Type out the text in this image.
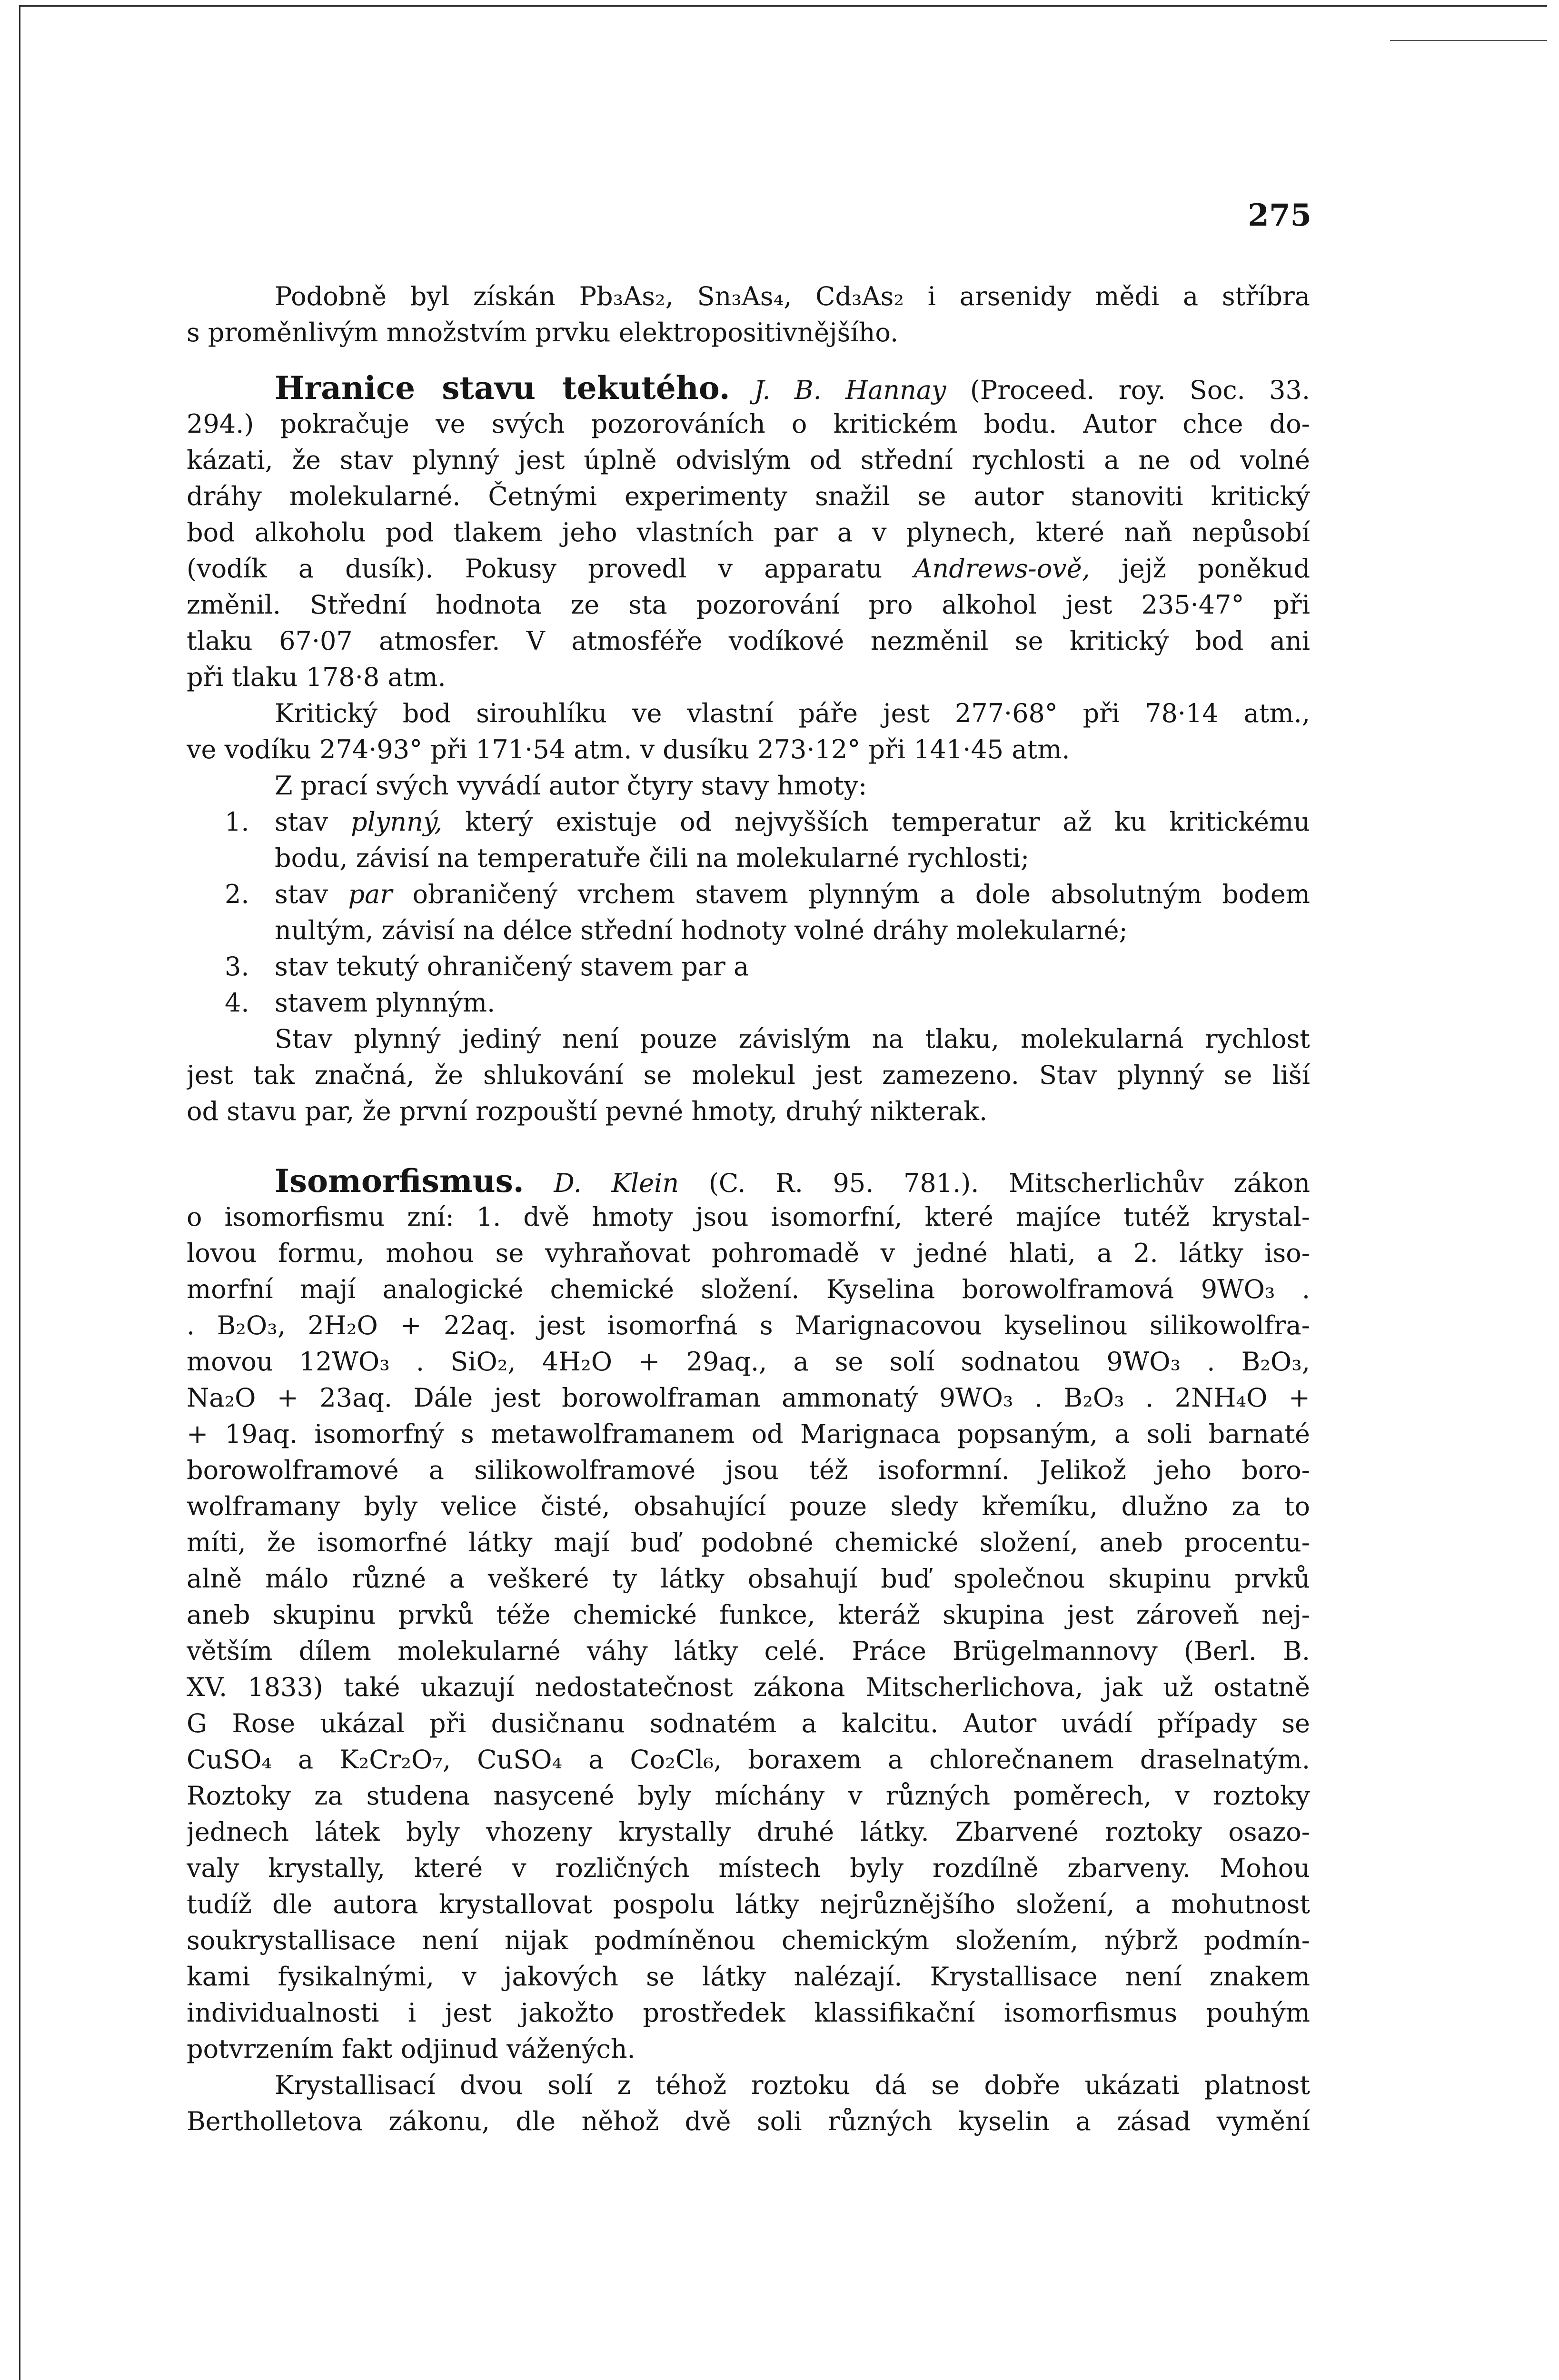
275
Podobně byl získán Pb₃As₂, Sn₃As₄, Cd₃As₂ i arsenidy mědi a stříbra
s proměnlivým množstvím prvku elektropositivnějšího.
Hranice stavu tekutého. J. B. Hannay (Proceed. roy. Soc. 33.
294.) pokračuje ve svých pozorováních o kritickém bodu. Autor chce do-
kázati, že stav plynný jest úplně odvislým od střední rychlosti a ne od volné
dráhy molekularné. Četnými experimenty snažil se autor stanoviti kritický
bod alkoholu pod tlakem jeho vlastních par a v plynech, které naň nepůsobí
(vodík a dusík). Pokusy provedl v apparatu Andrews-ově, jejž poněkud
změnil. Střední hodnota ze sta pozorování pro alkohol jest 235·47° při
tlaku 67·07 atmosfer. V atmosféře vodíkové nezměnil se kritický bod ani
při tlaku 178·8 atm.
Kritický bod sirouhlíku ve vlastní páře jest 277·68° při 78·14 atm.,
ve vodíku 274·93° při 171·54 atm. v dusíku 273·12° při 141·45 atm.
Z prací svých vyvádí autor čtyry stavy hmoty:
1. stav plynný, který existuje od nejvyšších temperatur až ku kritickému
bodu, závisí na temperatuře čili na molekularné rychlosti;
2. stav par obraničený vrchem stavem plynným a dole absolutným bodem
nultým, závisí na délce střední hodnoty volné dráhy molekularné;
3. stav tekutý ohraničený stavem par a
4. stavem plynným.
Stav plynný jediný není pouze závislým na tlaku, molekularná rychlost
jest tak značná, že shlukování se molekul jest zamezeno. Stav plynný se liší
od stavu par, že první rozpouští pevné hmoty, druhý nikterak.
Isomorfismus. D. Klein (C. R. 95. 781.). Mitscherlichův zákon
o isomorfismu zní: 1. dvě hmoty jsou isomorfní, které majíce tutéž krystal-
lovou formu, mohou se vyhraňovat pohromadě v jedné hlati, a 2. látky iso-
morfní mají analogické chemické složení. Kyselina borowolframová 9WO₃ .
. B₂O₃, 2H₂O + 22aq. jest isomorfná s Marignacovou kyselinou silikowolfra-
movou 12WO₃ . SiO₂, 4H₂O + 29aq., a se solí sodnatou 9WO₃ . B₂O₃,
Na₂O + 23aq. Dále jest borowolframan ammonatý 9WO₃ . B₂O₃ . 2NH₄O +
+ 19aq. isomorfný s metawolframanem od Marignaca popsaným, a soli barnaté
borowolframové a silikowolframové jsou též isoformní. Jelikož jeho boro-
wolframany byly velice čisté, obsahující pouze sledy křemíku, dlužno za to
míti, že isomorfné látky mají buď podobné chemické složení, aneb procentu-
alně málo různé a veškeré ty látky obsahují buď společnou skupinu prvků
aneb skupinu prvků téže chemické funkce, kteráž skupina jest zároveň nej-
větším dílem molekularné váhy látky celé. Práce Brügelmannovy (Berl. B.
XV. 1833) také ukazují nedostatečnost zákona Mitscherlichova, jak už ostatně
G Rose ukázal při dusičnanu sodnatém a kalcitu. Autor uvádí případy se
CuSO₄ a K₂Cr₂O₇, CuSO₄ a Co₂Cl₆, boraxem a chlorečnanem draselnatým.
Roztoky za studena nasycené byly míchány v různých poměrech, v roztoky
jednech látek byly vhozeny krystally druhé látky. Zbarvené roztoky osazo-
valy krystally, které v rozličných místech byly rozdílně zbarveny. Mohou
tudíž dle autora krystallovat pospolu látky nejrůznějšího složení, a mohutnost
soukrystallisace není nijak podmíněnou chemickým složením, nýbrž podmín-
kami fysikalnými, v jakových se látky nalézají. Krystallisace není znakem
individualnosti i jest jakožto prostředek klassifikační isomorfismus pouhým
potvrzením fakt odjinud vážených.
Krystallisací dvou solí z téhož roztoku dá se dobře ukázati platnost
Bertholletova zákonu, dle něhož dvě soli různých kyselin a zásad vymění
